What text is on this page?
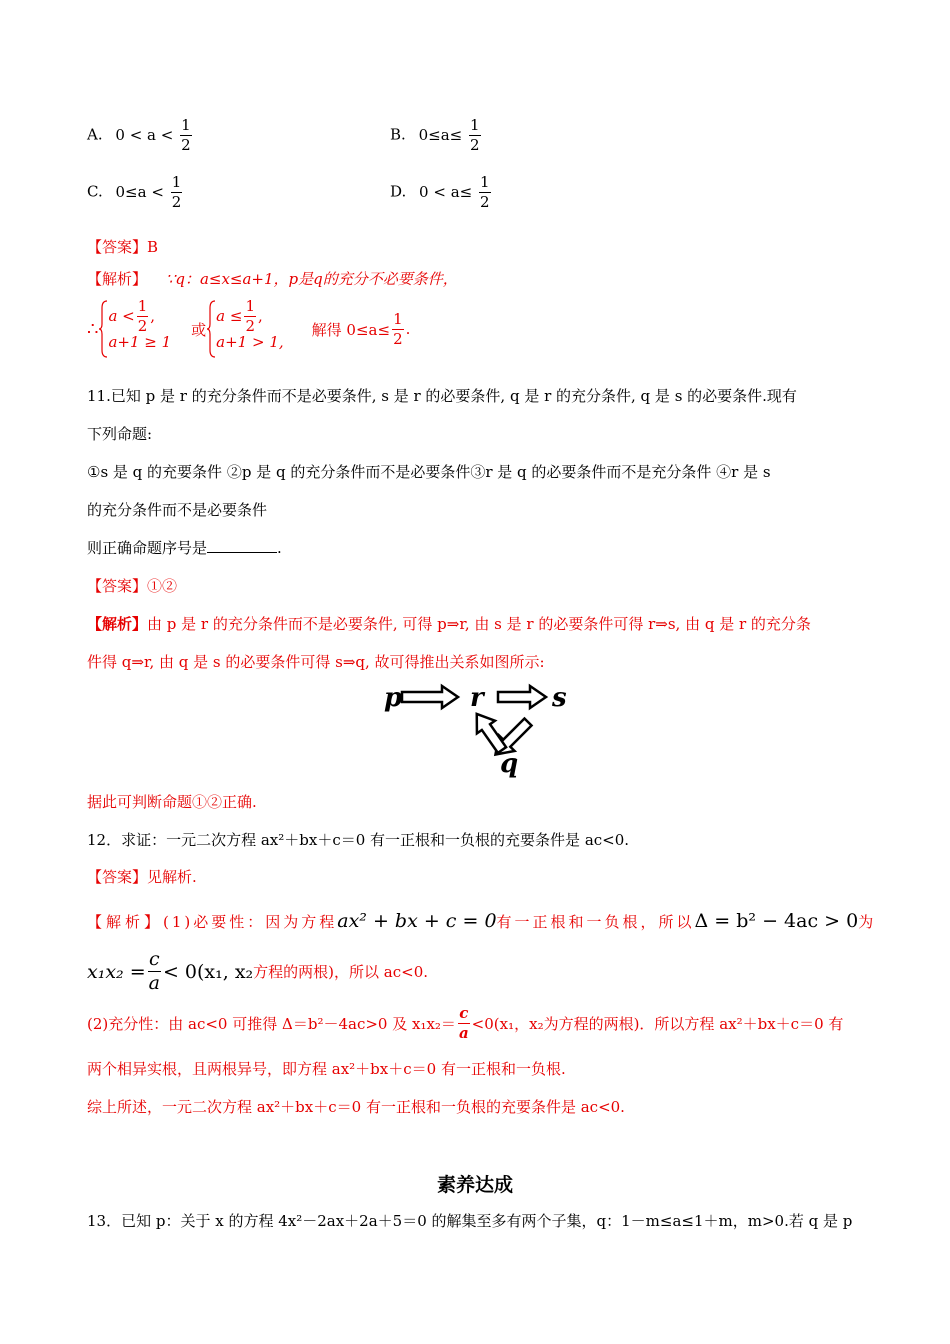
A. $0 < a < \frac{1}{2}$	B. $0\le a\le \frac{1}{2}$
C. $0\le a < \frac{1}{2}$	D. $0 < a\le \frac{1}{2}$
【答案】B
【解析】 ∵q：a≤x≤a+1，p是q的充分不必要条件，
∴
$a < \frac{1}{2}$ ,
a+1 ≥ 1
或
$a \le \frac{1}{2}$ ,
a+1 > 1,
解得 $0\le a\le \frac{1}{2}$ .
11.已知 p 是 r 的充分条件而不是必要条件, s 是 r 的必要条件, q 是 r 的充分条件, q 是 s 的必要条件.现有
下列命题:
①s 是 q 的充要条件 ②p 是 q 的充分条件而不是必要条件③r 是 q 的必要条件而不是充分条件 ④r 是 s
的充分条件而不是必要条件
则正确命题序号是	.
【答案】①②
【解析】由 p 是 r 的充分条件而不是必要条件, 可得 p⇒r, 由 s 是 r 的必要条件可得 r⇒s, 由 q 是 r 的充分条
件得 q⇒r, 由 q 是 s 的必要条件可得 s⇒q, 故可得推出关系如图所示:
p	r	s
q
据此可判断命题①②正确.
12．求证：一元二次方程 ax²＋bx＋c＝0 有一正根和一负根的充要条件是 ac<0.
【答案】见解析.
【解析】 (1)必要性：因为方程 ax² + bx + c = 0 有一正根和一负根，所以 Δ = b² − 4ac > 0 为
$x_1x_2 = \frac{c}{a} < 0(x_1$, x₂ 方程的两根)，所以 ac<0.
(2)充分性：由 ac<0 可推得 Δ＝b²－4ac>0 及 $x_1x_2= \frac{c}{a} <0(x_1$，x₂为方程的两根)．所以方程 ax²＋bx＋c＝0 有
两个相异实根，且两根异号，即方程 ax²＋bx＋c＝0 有一正根和一负根.
综上所述，一元二次方程 ax²＋bx＋c＝0 有一正根和一负根的充要条件是 ac<0.
素养达成
13．已知 p：关于 x 的方程 4x²－2ax＋2a＋5＝0 的解集至多有两个子集，q：1－m≤a≤1＋m，m>0.若 q 是 p
